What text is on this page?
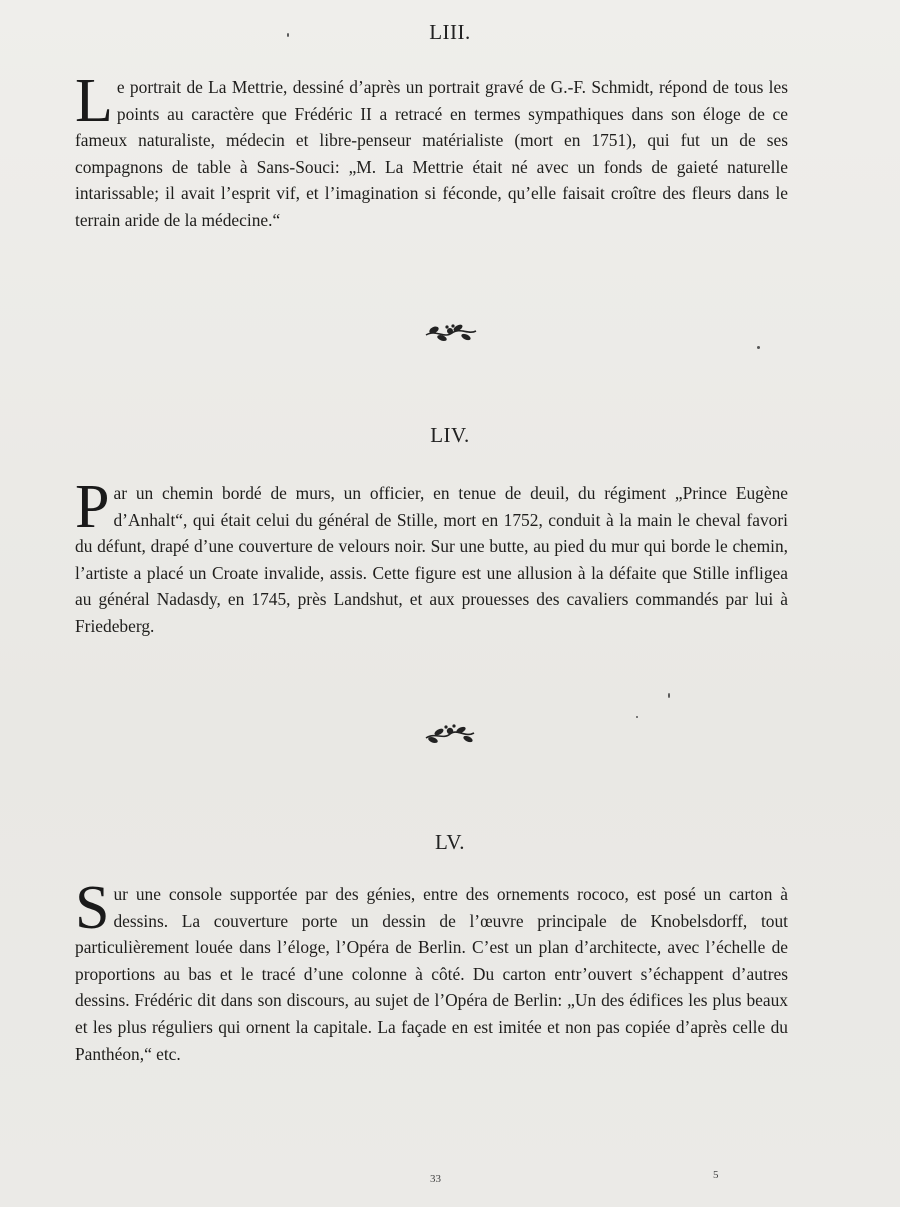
LIII.
Le portrait de La Mettrie, dessiné d’après un portrait gravé de G.-F. Schmidt, répond de tous les points au caractère que Frédéric II a retracé en termes sympathiques dans son éloge de ce fameux naturaliste, médecin et libre-penseur matérialiste (mort en 1751), qui fut un de ses compagnons de table à Sans-Souci: „M. La Mettrie était né avec un fonds de gaieté naturelle intarissable; il avait l’esprit vif, et l’imagination si féconde, qu’elle faisait croître des fleurs dans le terrain aride de la médecine.“
LIV.
Par un chemin bordé de murs, un officier, en tenue de deuil, du régiment „Prince Eugène d’Anhalt“, qui était celui du général de Stille, mort en 1752, conduit à la main le cheval favori du défunt, drapé d’une couverture de velours noir. Sur une butte, au pied du mur qui borde le chemin, l’artiste a placé un Croate invalide, assis. Cette figure est une allusion à la défaite que Stille infligea au général Nadasdy, en 1745, près Landshut, et aux prouesses des cavaliers commandés par lui à Friedeberg.
LV.
Sur une console supportée par des génies, entre des ornements rococo, est posé un carton à dessins. La couverture porte un dessin de l’œuvre principale de Knobelsdorff, tout particulièrement louée dans l’éloge, l’Opéra de Berlin. C’est un plan d’architecte, avec l’échelle de proportions au bas et le tracé d’une colonne à côté. Du carton entr’ouvert s’échappent d’autres dessins. Frédéric dit dans son discours, au sujet de l’Opéra de Berlin: „Un des édifices les plus beaux et les plus réguliers qui ornent la capitale. La façade en est imitée et non pas copiée d’après celle du Panthéon,“ etc.
33	5
